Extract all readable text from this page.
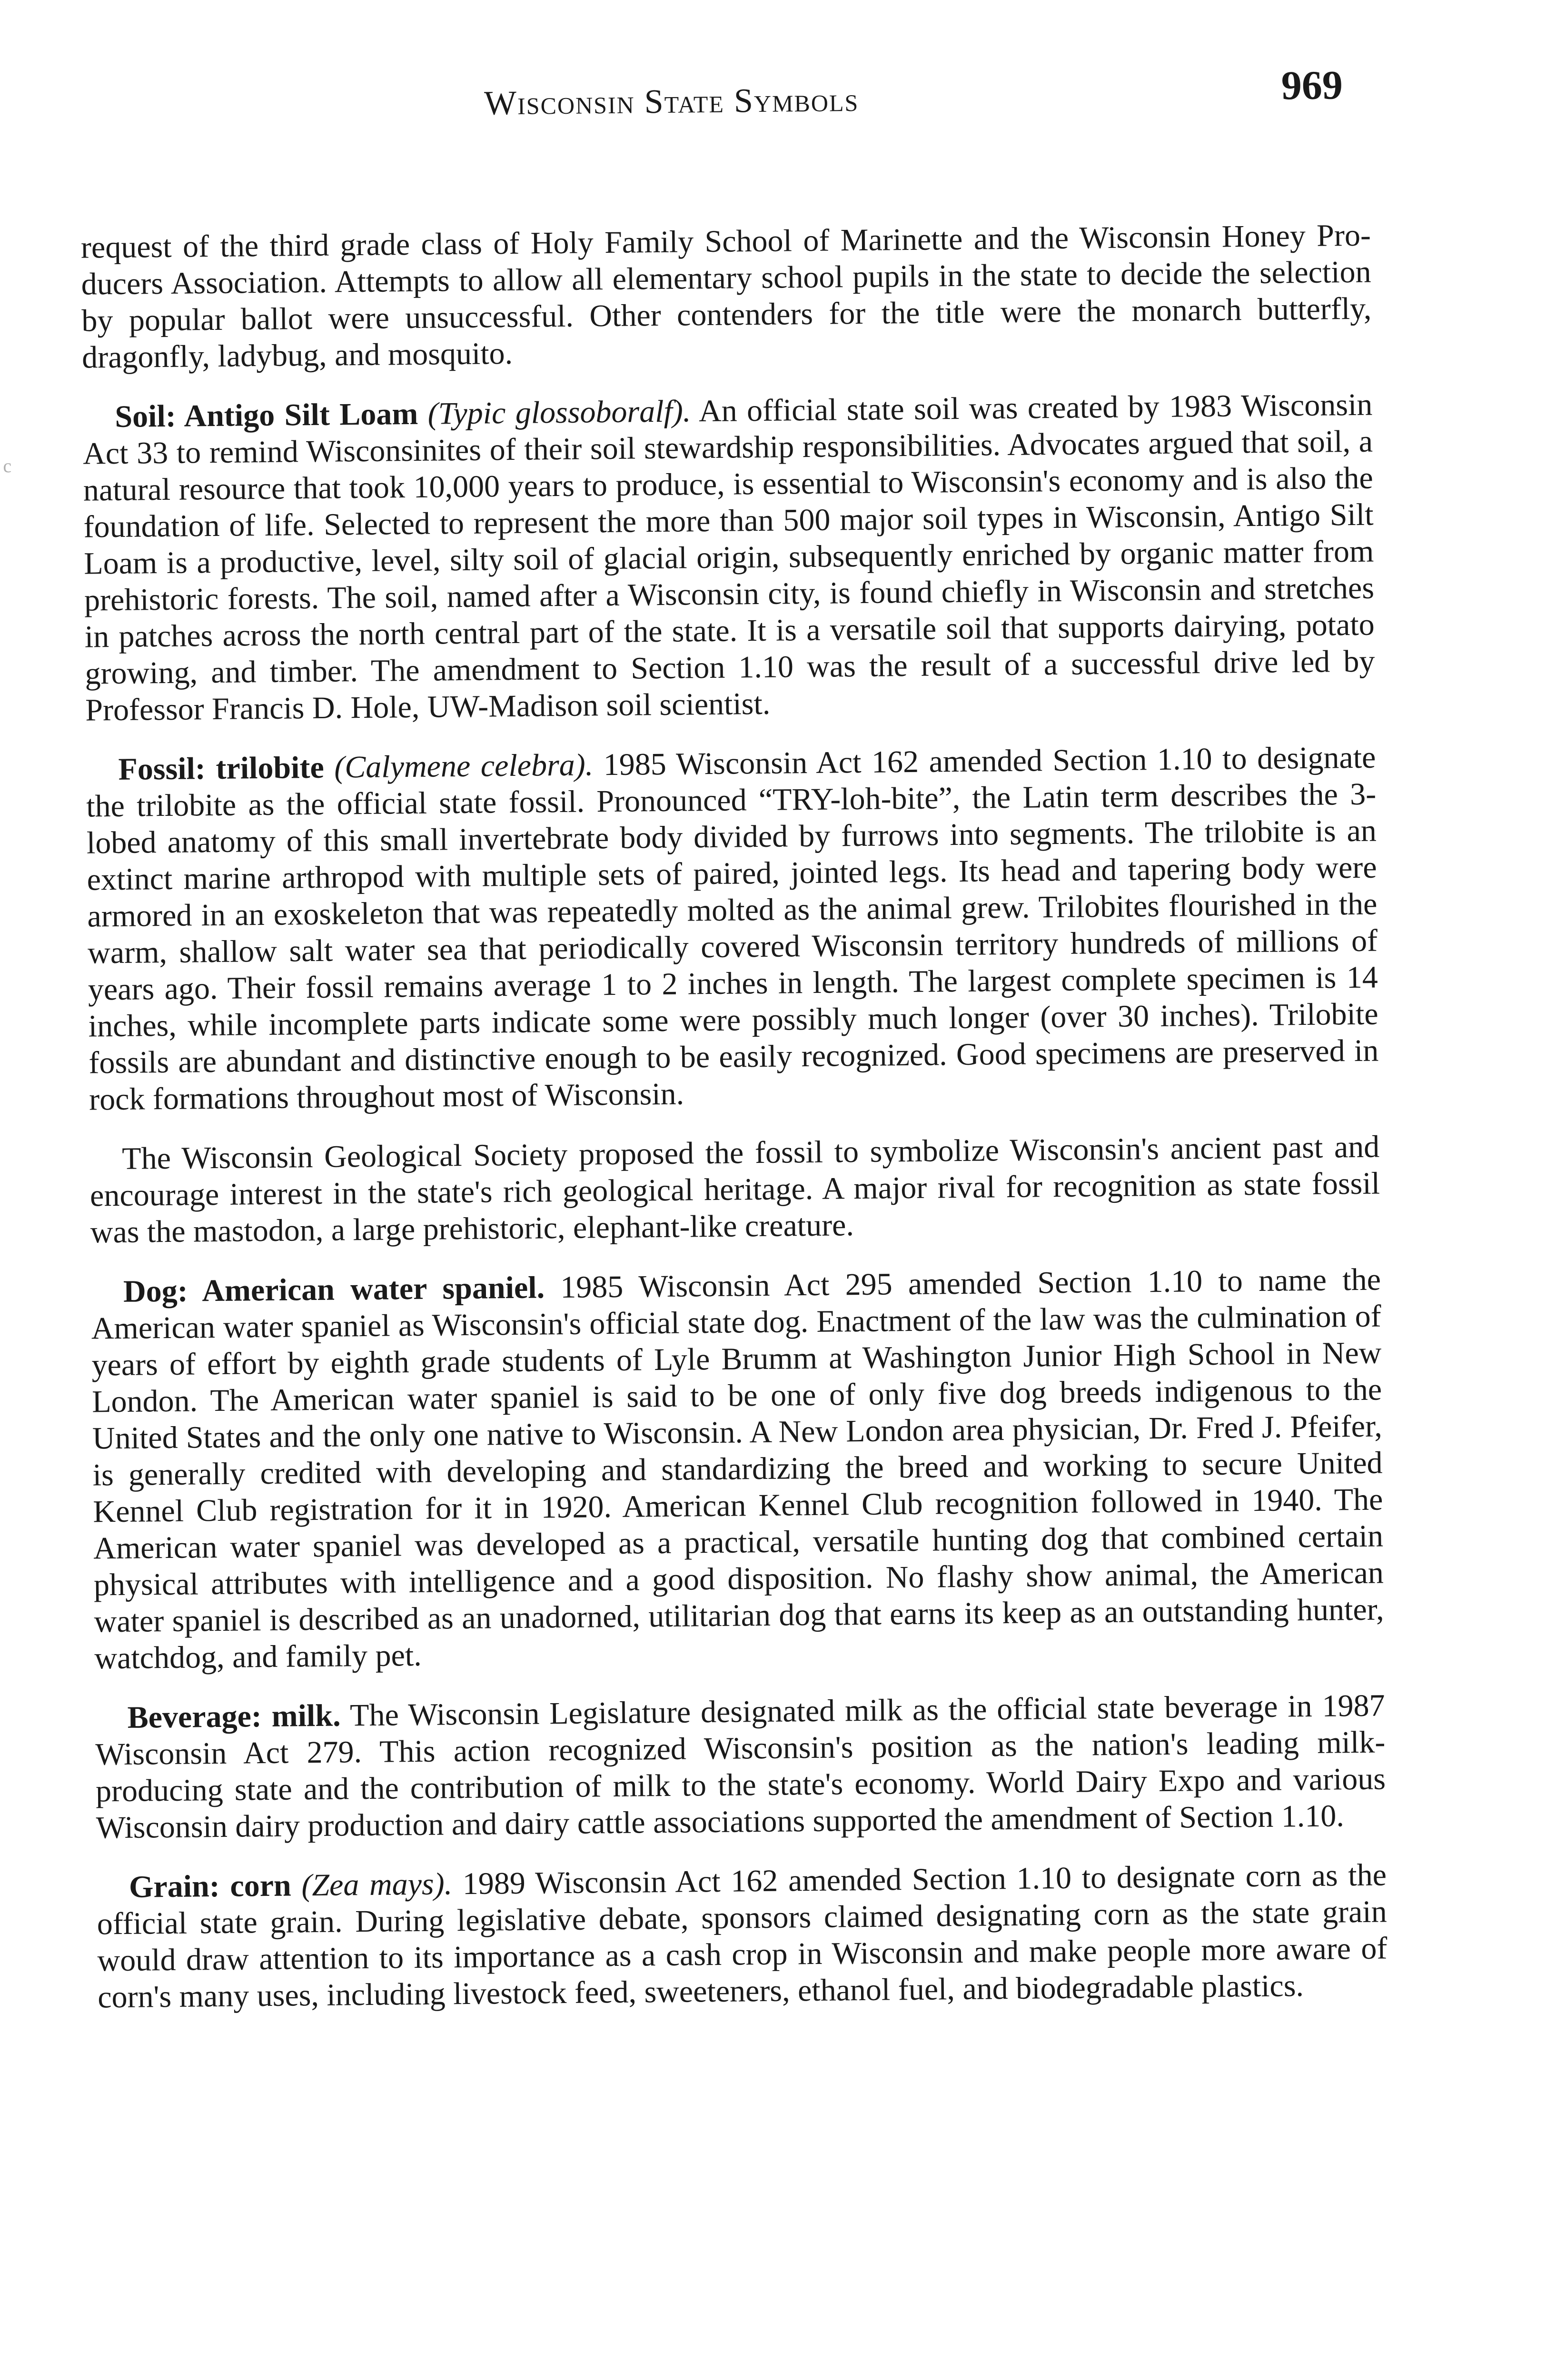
Wisconsin State Symbols	969

request of the third grade class of Holy Family School of Marinette and the Wisconsin Honey Producers Association. Attempts to allow all elementary school pupils in the state to decide the selection by popular ballot were unsuccessful. Other contenders for the title were the monarch butterfly, dragonfly, ladybug, and mosquito.

Soil: Antigo Silt Loam (Typic glossoboralf). An official state soil was created by 1983 Wisconsin Act 33 to remind Wisconsinites of their soil stewardship responsibilities. Advocates argued that soil, a natural resource that took 10,000 years to produce, is essential to Wisconsin's economy and is also the foundation of life. Selected to represent the more than 500 major soil types in Wisconsin, Antigo Silt Loam is a productive, level, silty soil of glacial origin, subsequently enriched by organic matter from prehistoric forests. The soil, named after a Wisconsin city, is found chiefly in Wisconsin and stretches in patches across the north central part of the state. It is a versatile soil that supports dairying, potato growing, and timber. The amendment to Section 1.10 was the result of a successful drive led by Professor Francis D. Hole, UW-Madison soil scientist.

Fossil: trilobite (Calymene celebra). 1985 Wisconsin Act 162 amended Section 1.10 to designate the trilobite as the official state fossil. Pronounced “TRY-loh-bite”, the Latin term describes the 3-lobed anatomy of this small invertebrate body divided by furrows into segments. The trilobite is an extinct marine arthropod with multiple sets of paired, jointed legs. Its head and tapering body were armored in an exoskeleton that was repeatedly molted as the animal grew. Trilobites flourished in the warm, shallow salt water sea that periodically covered Wisconsin territory hundreds of millions of years ago. Their fossil remains average 1 to 2 inches in length. The largest complete specimen is 14 inches, while incomplete parts indicate some were possibly much longer (over 30 inches). Trilobite fossils are abundant and distinctive enough to be easily recognized. Good specimens are preserved in rock formations throughout most of Wisconsin.

The Wisconsin Geological Society proposed the fossil to symbolize Wisconsin's ancient past and encourage interest in the state's rich geological heritage. A major rival for recognition as state fossil was the mastodon, a large prehistoric, elephant-like creature.

Dog: American water spaniel. 1985 Wisconsin Act 295 amended Section 1.10 to name the American water spaniel as Wisconsin's official state dog. Enactment of the law was the culmination of years of effort by eighth grade students of Lyle Brumm at Washington Junior High School in New London. The American water spaniel is said to be one of only five dog breeds indigenous to the United States and the only one native to Wisconsin. A New London area physician, Dr. Fred J. Pfeifer, is generally credited with developing and standardizing the breed and working to secure United Kennel Club registration for it in 1920. American Kennel Club recognition followed in 1940. The American water spaniel was developed as a practical, versatile hunting dog that combined certain physical attributes with intelligence and a good disposition. No flashy show animal, the American water spaniel is described as an unadorned, utilitarian dog that earns its keep as an outstanding hunter, watchdog, and family pet.

Beverage: milk. The Wisconsin Legislature designated milk as the official state beverage in 1987 Wisconsin Act 279. This action recognized Wisconsin's position as the nation's leading milk-producing state and the contribution of milk to the state's economy. World Dairy Expo and various Wisconsin dairy production and dairy cattle associations supported the amendment of Section 1.10.

Grain: corn (Zea mays). 1989 Wisconsin Act 162 amended Section 1.10 to designate corn as the official state grain. During legislative debate, sponsors claimed designating corn as the state grain would draw attention to its importance as a cash crop in Wisconsin and make people more aware of corn's many uses, including livestock feed, sweeteners, ethanol fuel, and biodegradable plastics.

c
